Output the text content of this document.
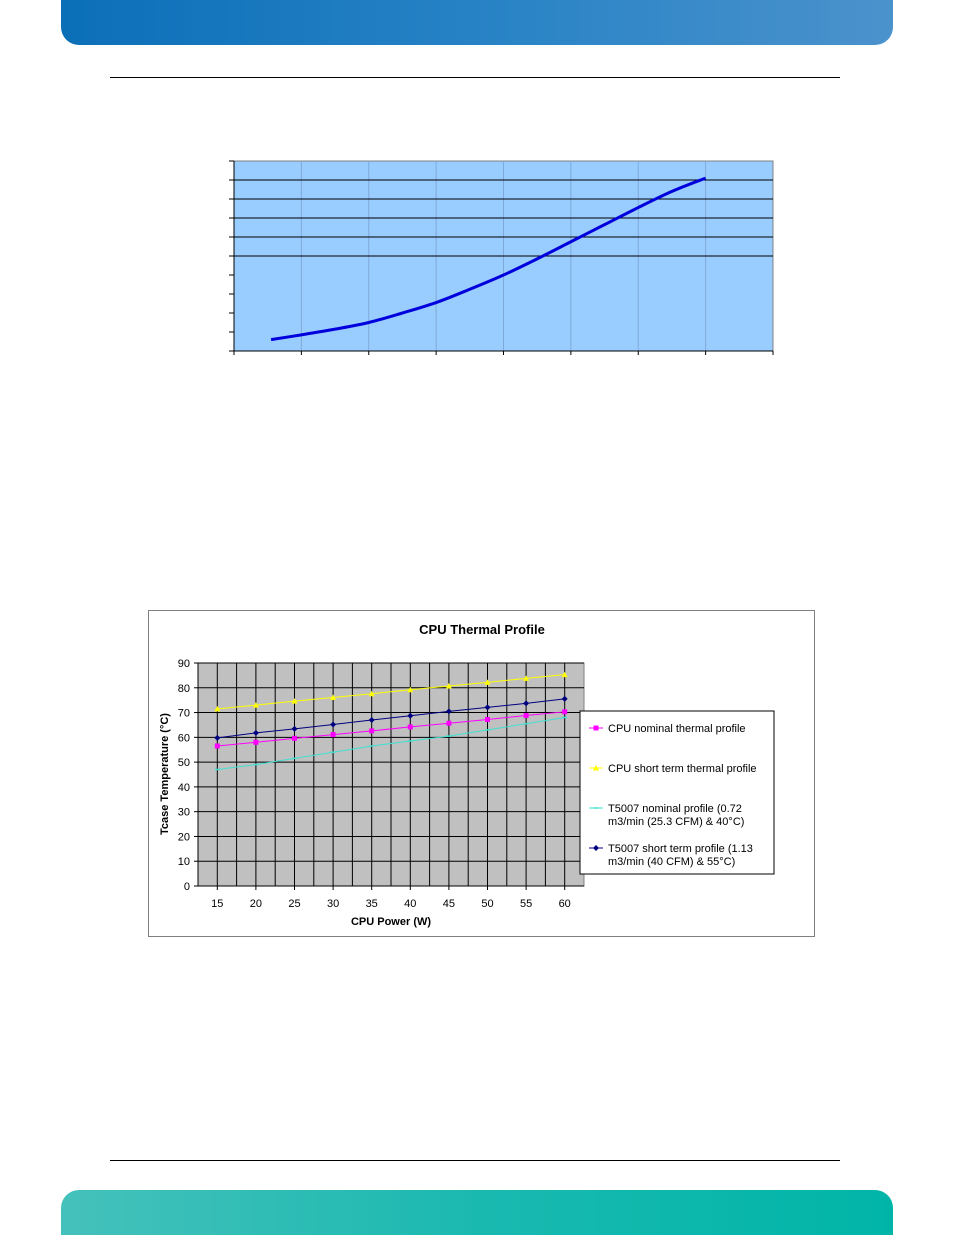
CPU Thermal Profile
0
10
20
30
40
50
60
70
80
90
15 20 25 30 35 40 45 50 55 60
CPU Power (W)
Tcase Temperature (°C)	CPU nominal thermal profile
CPU short term thermal profile
T5007 nominal profile (0.72
m3/min (25.3 CFM) & 40°C)
T5007 short term profile (1.13
m3/min (40 CFM) & 55°C)
